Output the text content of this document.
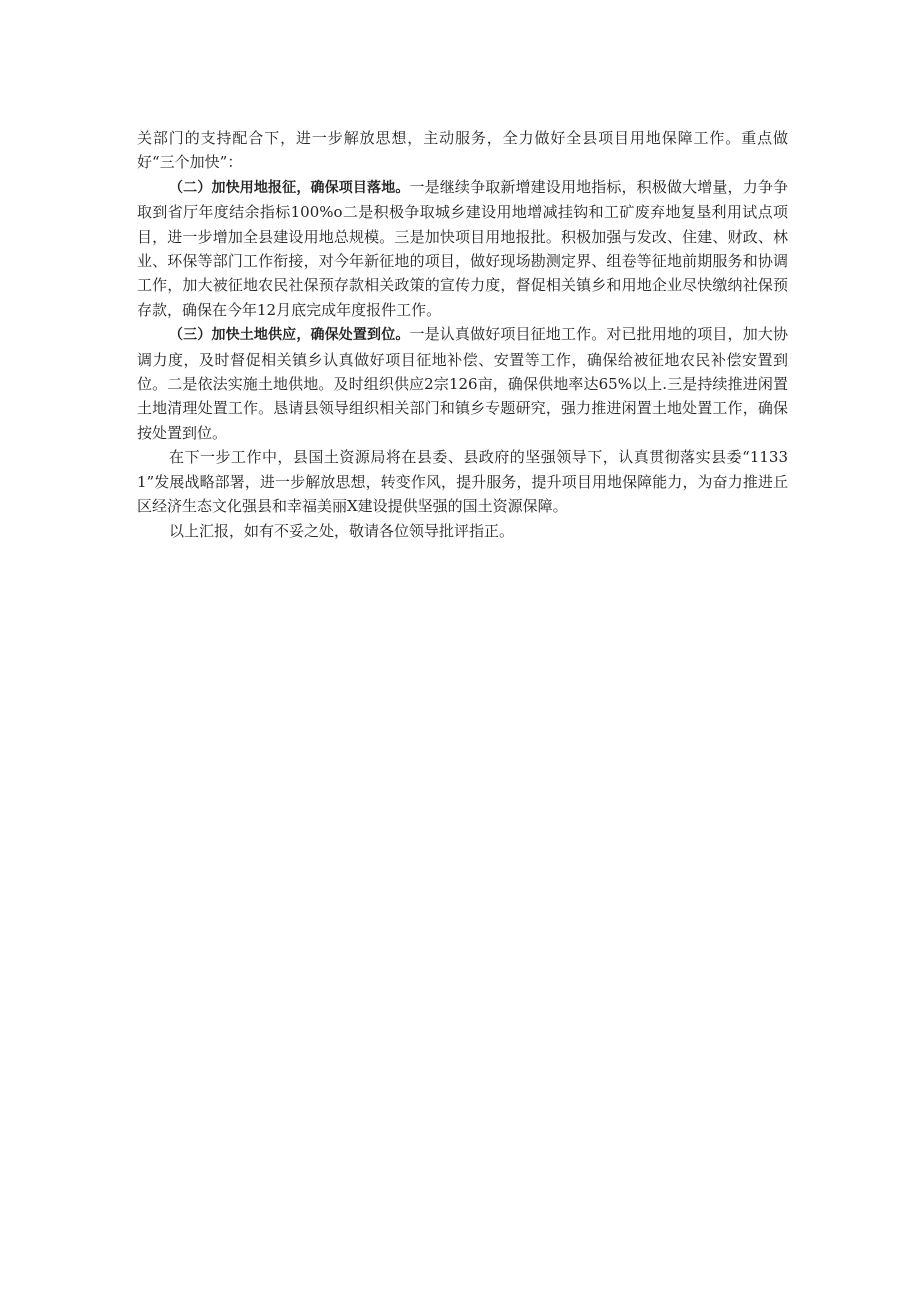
关部门的支持配合下，进一步解放思想，主动服务，全力做好全县项目用地保障工作。重点做好“三个加快”：

（二）加快用地报征，确保项目落地。一是继续争取新增建设用地指标，积极做大增量，力争争取到省厅年度结余指标100%o二是积极争取城乡建设用地增减挂钩和工矿废弃地复垦利用试点项目，进一步增加全县建设用地总规模。三是加快项目用地报批。积极加强与发改、住建、财政、林业、环保等部门工作衔接，对今年新征地的项目，做好现场勘测定界、组卷等征地前期服务和协调工作，加大被征地农民社保预存款相关政策的宣传力度，督促相关镇乡和用地企业尽快缴纳社保预存款，确保在今年12月底完成年度报件工作。

（三）加快土地供应，确保处置到位。一是认真做好项目征地工作。对已批用地的项目，加大协调力度，及时督促相关镇乡认真做好项目征地补偿、安置等工作，确保给被征地农民补偿安置到位。二是依法实施土地供地。及时组织供应2宗126亩，确保供地率达65%以上.三是持续推进闲置土地清理处置工作。恳请县领导组织相关部门和镇乡专题研究，强力推进闲置土地处置工作，确保按处置到位。

在下一步工作中，县国土资源局将在县委、县政府的坚强领导下，认真贯彻落实县委“11331”发展战略部署，进一步解放思想，转变作风，提升服务，提升项目用地保障能力，为奋力推进丘区经济生态文化强县和幸福美丽X建设提供坚强的国土资源保障。

以上汇报，如有不妥之处，敬请各位领导批评指正。
